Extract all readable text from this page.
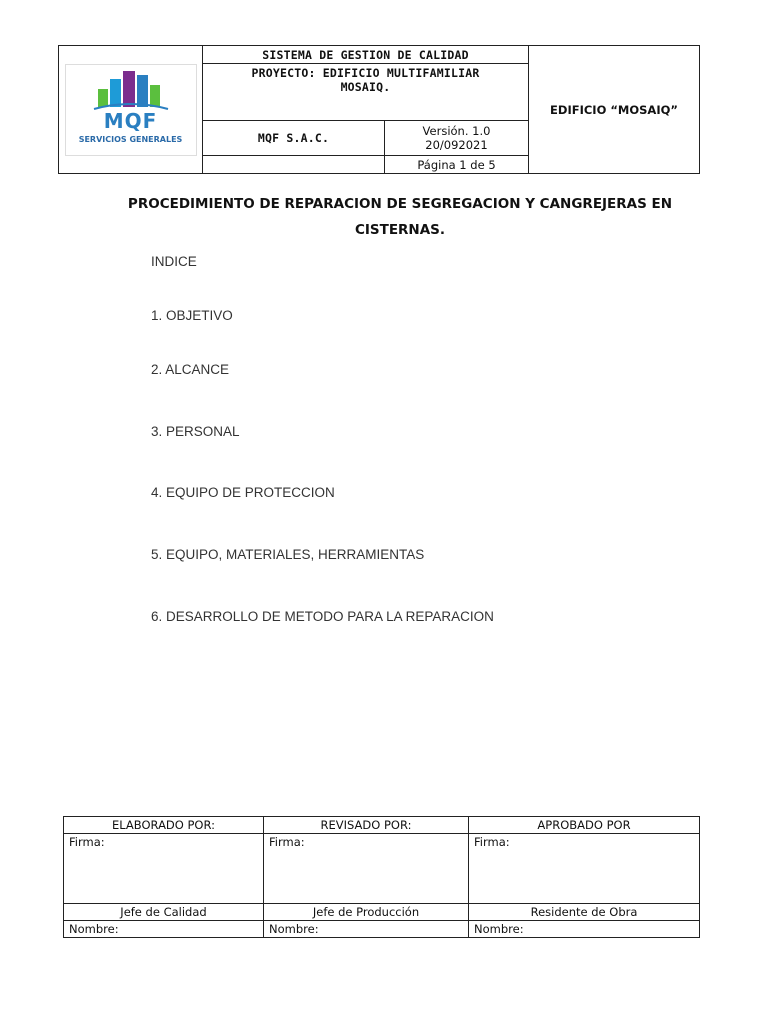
MQF
SERVICIOS GENERALES	SISTEMA DE GESTION DE CALIDAD		EDIFICIO “MOSAIQ”

	PROYECTO: EDIFICIO MULTIFAMILIAR
MOSAIQ.		

	MQF S.A.C.	Versión. 1.0
20/092021	

		Página 1 de 5	
PROCEDIMIENTO DE REPARACION DE SEGREGACION Y CANGREJERAS EN
CISTERNAS.
INDICE
1. OBJETIVO
2. ALCANCE
3. PERSONAL
4. EQUIPO DE PROTECCION
5. EQUIPO, MATERIALES, HERRAMIENTAS
6. DESARROLLO DE METODO PARA LA REPARACION
ELABORADO POR:	REVISADO POR:	APROBADO POR
Firma:	Firma:	Firma:
Jefe de Calidad	Jefe de Producción	Residente de Obra
Nombre:	Nombre:	Nombre:
